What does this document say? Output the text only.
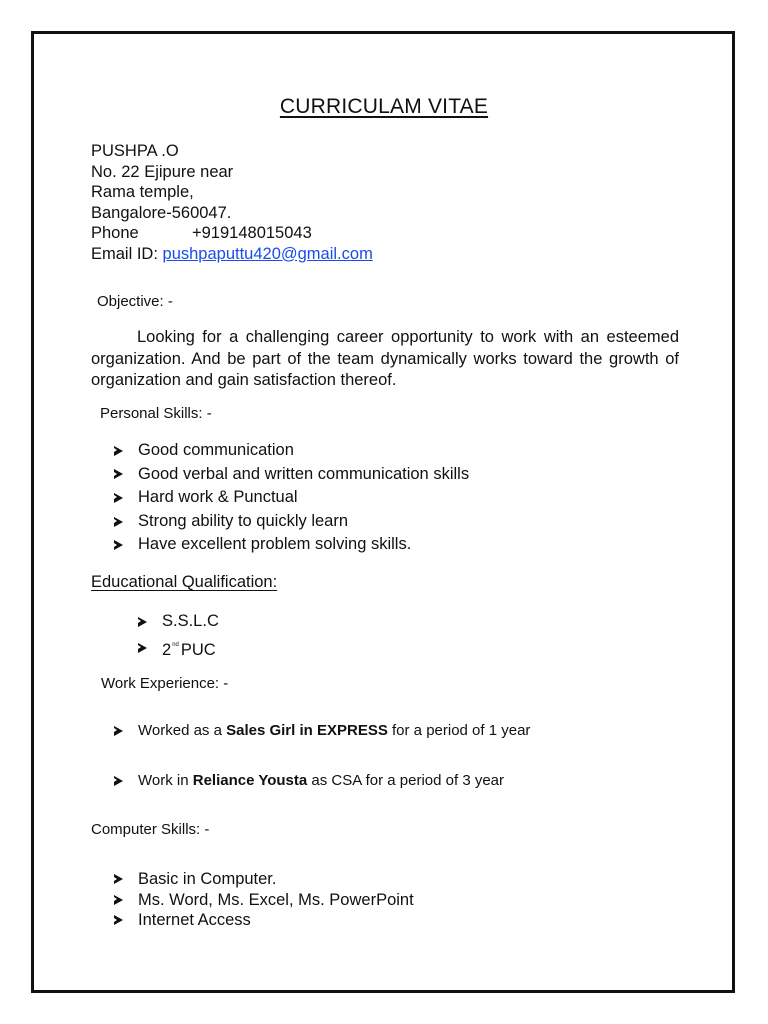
CURRICULAM VITAE
PUSHPA .O
No. 22 Ejipure near
Rama temple,
Bangalore-560047.
Phone	+919148015043
Email ID: pushpaputtu420@gmail.com
Objective: -
Looking for a challenging career opportunity to work with an esteemed organization. And be part of the team dynamically works toward the growth of organization and gain satisfaction thereof.
Personal Skills: -
Good communication
Good verbal and written communication skills
Hard work & Punctual
Strong ability to quickly learn
Have excellent problem solving skills.
Educational Qualification:
S.S.L.C
2nd PUC
Work Experience: -
Worked as a Sales Girl in EXPRESS for a period of 1 year
Work in Reliance Yousta as CSA for a period of 3 year
Computer Skills: -
Basic in Computer.
Ms. Word, Ms. Excel, Ms. PowerPoint
Internet Access
